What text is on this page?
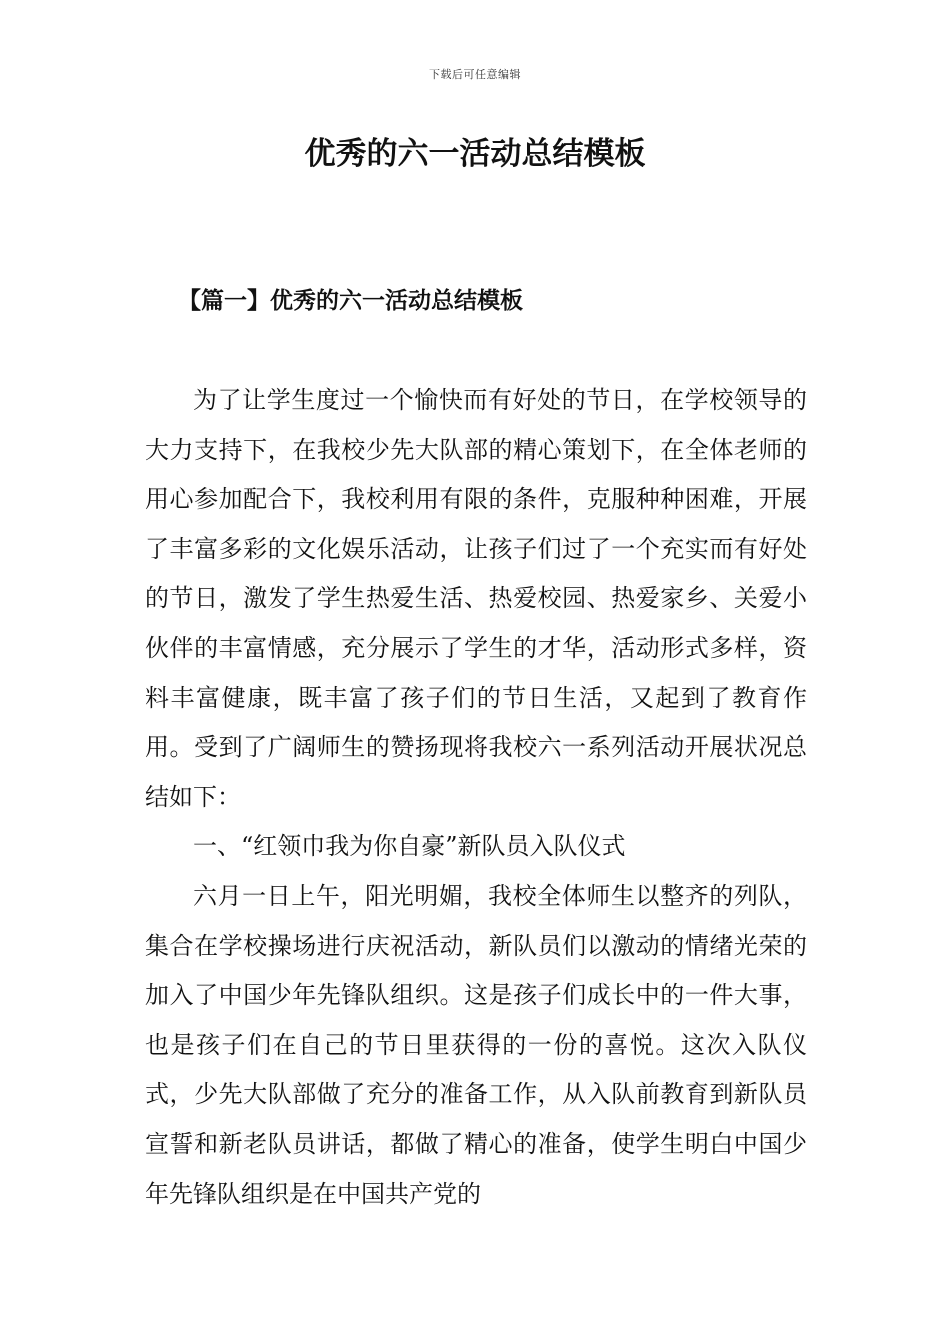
下载后可任意编辑
优秀的六一活动总结模板
【篇一】优秀的六一活动总结模板

为了让学生度过一个愉快而有好处的节日，在学校领导的大力支持下，在我校少先大队部的精心策划下，在全体老师的用心参加配合下，我校利用有限的条件，克服种种困难，开展了丰富多彩的文化娱乐活动，让孩子们过了一个充实而有好处的节日，激发了学生热爱生活、热爱校园、热爱家乡、关爱小伙伴的丰富情感，充分展示了学生的才华，活动形式多样，资料丰富健康，既丰富了孩子们的节日生活，又起到了教育作用。受到了广阔师生的赞扬现将我校六一系列活动开展状况总结如下：

一、“红领巾我为你自豪”新队员入队仪式

六月一日上午，阳光明媚，我校全体师生以整齐的列队，集合在学校操场进行庆祝活动，新队员们以激动的情绪光荣的加入了中国少年先锋队组织。这是孩子们成长中的一件大事，也是孩子们在自己的节日里获得的一份的喜悦。这次入队仪式，少先大队部做了充分的准备工作，从入队前教育到新队员宣誓和新老队员讲话，都做了精心的准备，使学生明白中国少年先锋队组织是在中国共产党的
